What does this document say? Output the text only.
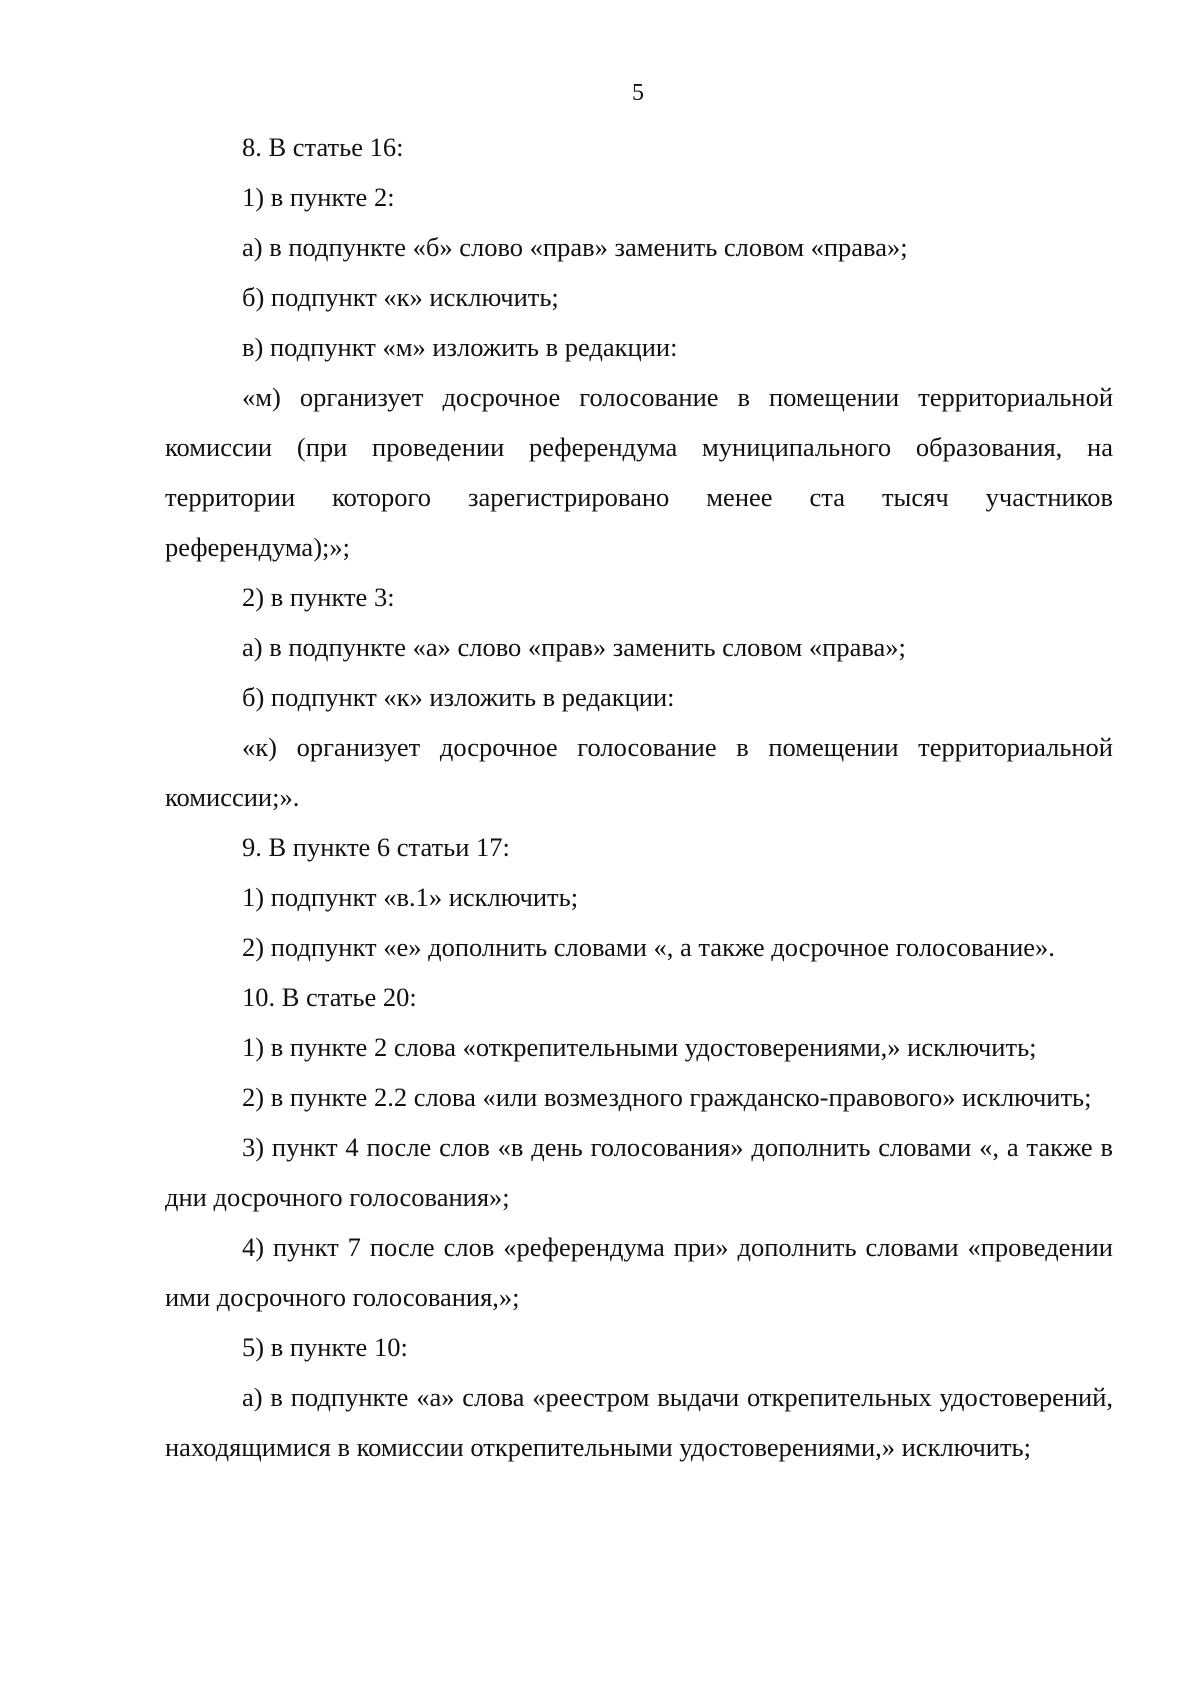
5

8. В статье 16:

1) в пункте 2:

а) в подпункте «б» слово «прав» заменить словом «права»;

б) подпункт «к» исключить;

в) подпункт «м» изложить в редакции:

«м) организует досрочное голосование в помещении территориальной комиссии (при проведении референдума муниципального образования, на территории которого зарегистрировано менее ста тысяч участников референдума);»;

2) в пункте 3:

а) в подпункте «а» слово «прав» заменить словом «права»;

б) подпункт «к» изложить в редакции:

«к) организует досрочное голосование в помещении территориальной комиссии;».

9. В пункте 6 статьи 17:

1) подпункт «в.1» исключить;

2) подпункт «е» дополнить словами «, а также досрочное голосование».

10. В статье 20:

1) в пункте 2 слова «открепительными удостоверениями,» исключить;

2) в пункте 2.2 слова «или возмездного гражданско-правового» исключить;

3) пункт 4 после слов «в день голосования» дополнить словами «, а также в дни досрочного голосования»;

4) пункт 7 после слов «референдума при» дополнить словами «проведении ими досрочного голосования,»;

5) в пункте 10:

а) в подпункте «а» слова «реестром выдачи открепительных удостоверений, находящимися в комиссии открепительными удостоверениями,» исключить;
